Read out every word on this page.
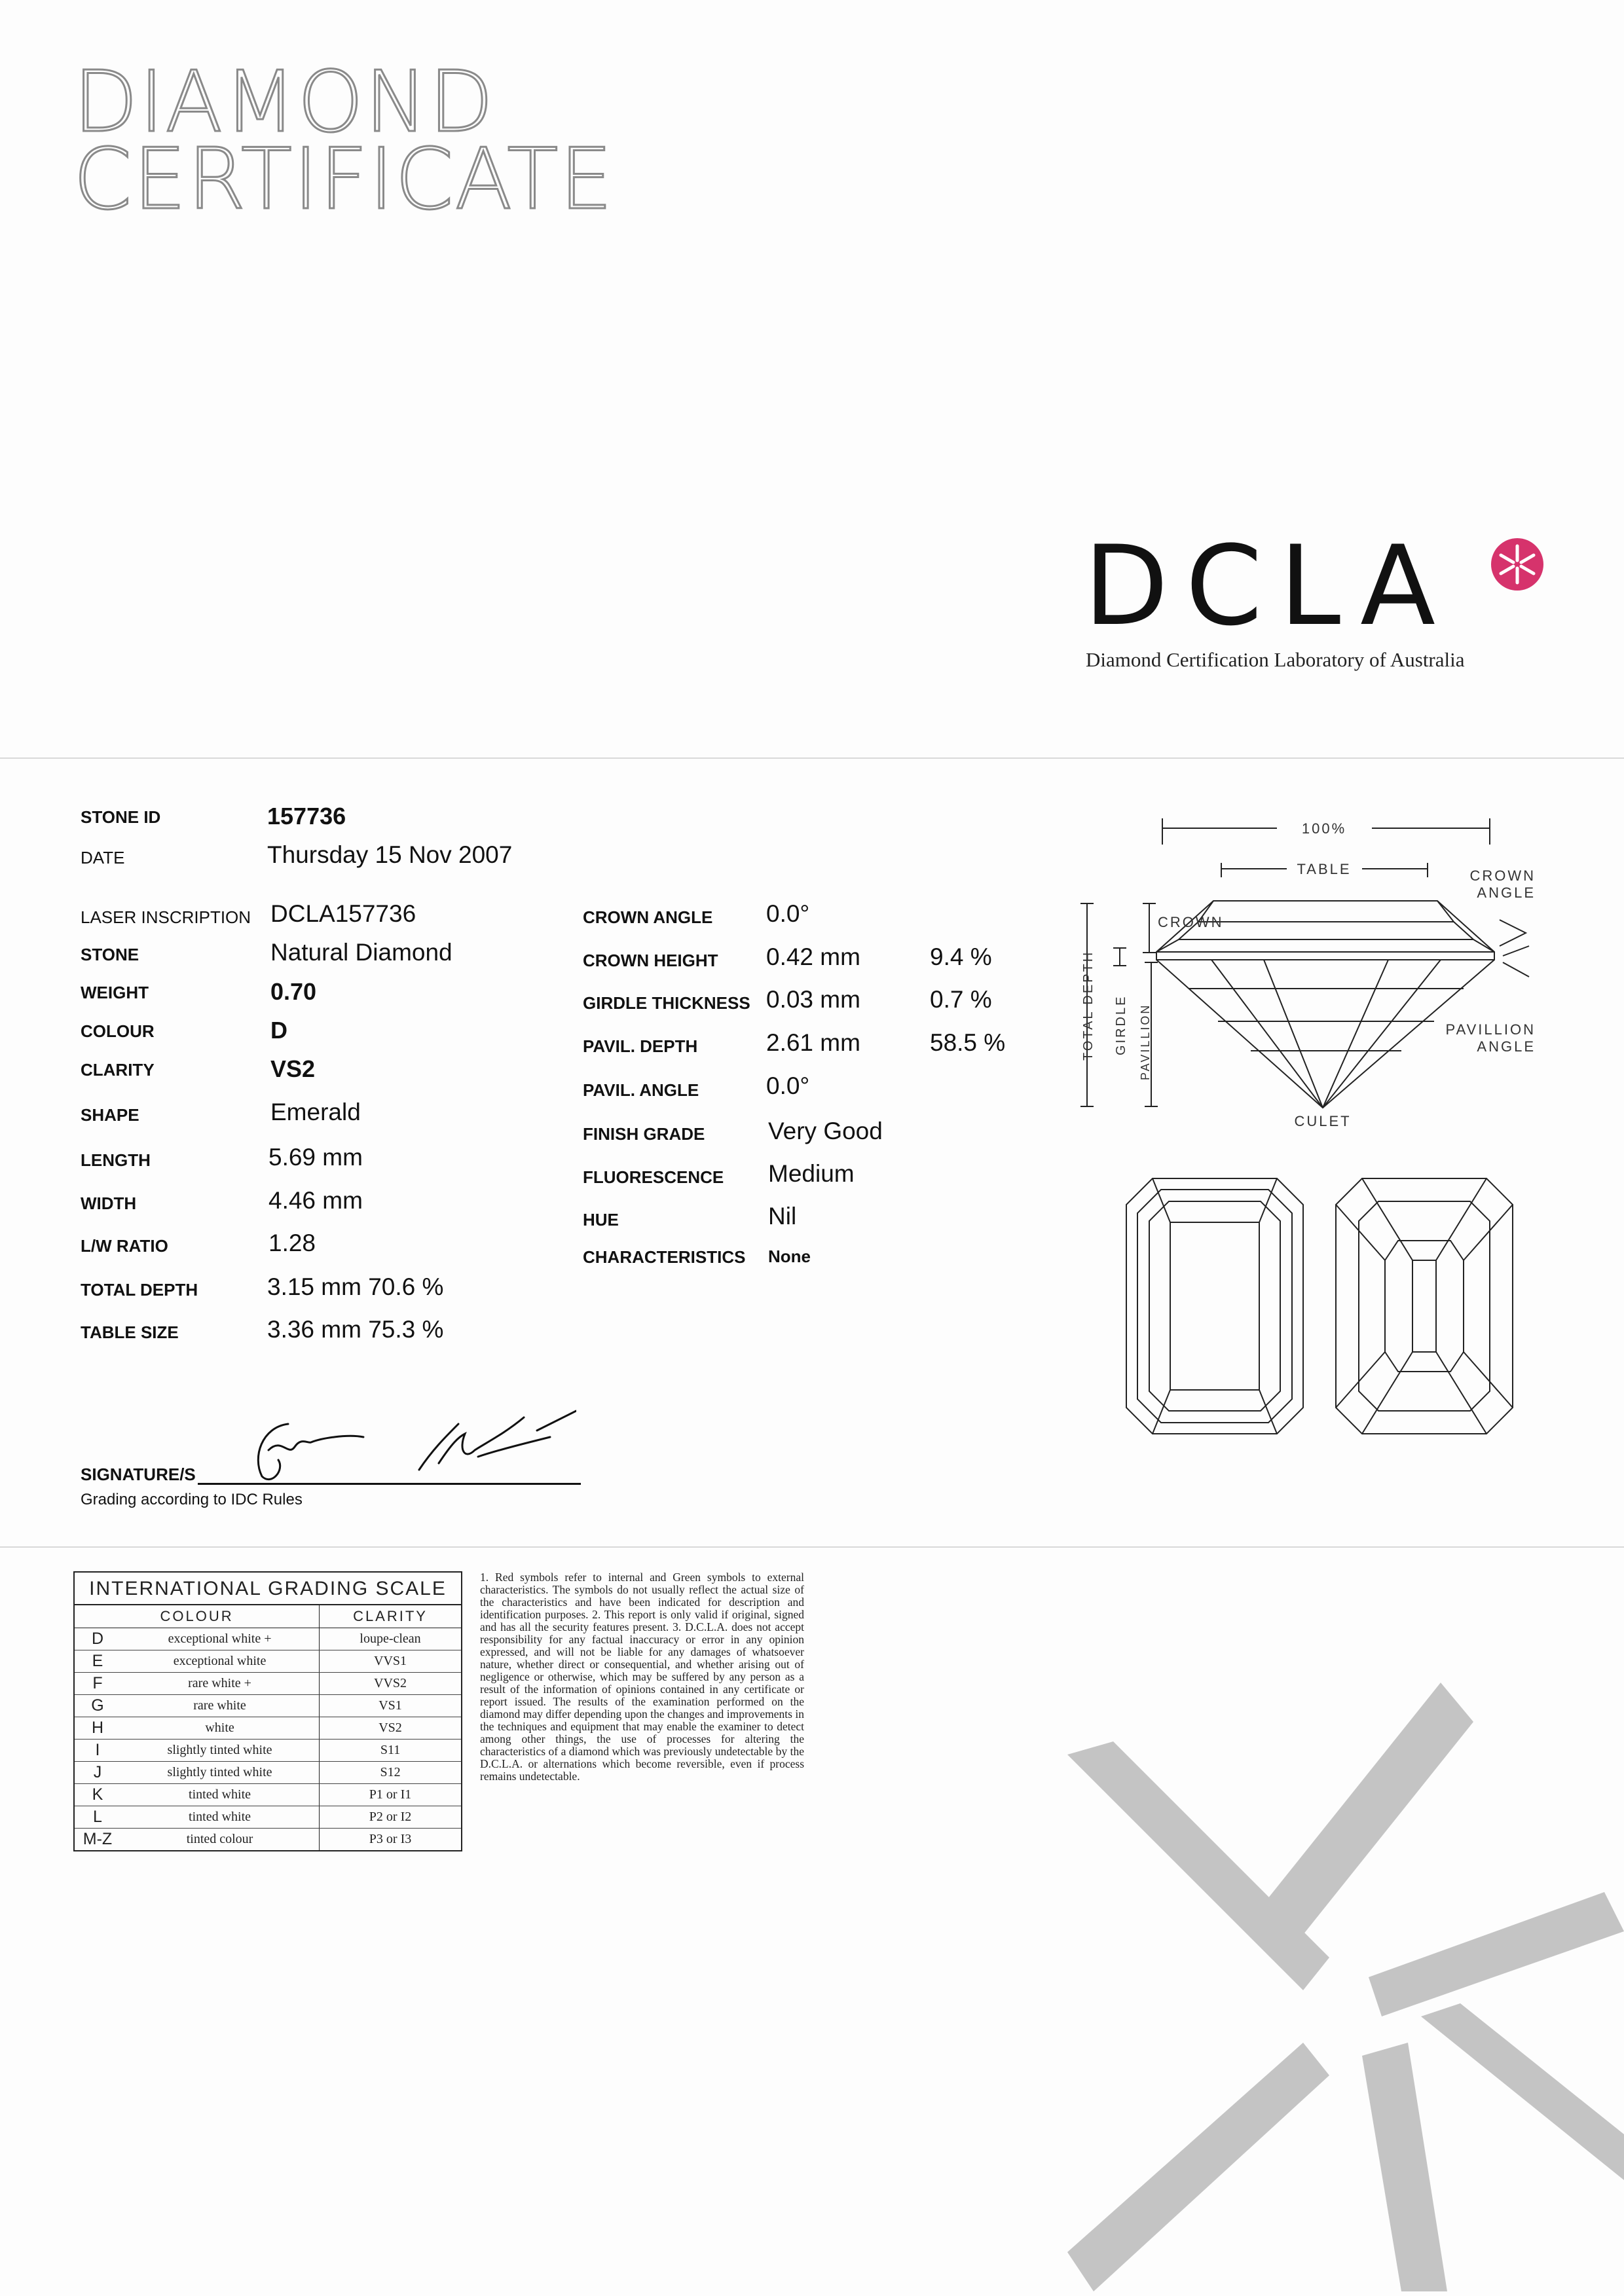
DIAMOND
CERTIFICATE
DCLA
Diamond Certification Laboratory of Australia
STONE ID	157736
DATE	Thursday 15 Nov 2007
LASER INSCRIPTION DCLA157736
STONE	Natural Diamond
WEIGHT	0.70
COLOUR	D
CLARITY	VS2
SHAPE	Emerald
LENGTH	5.69 mm
WIDTH	4.46 mm
L/W RATIO	1.28
TOTAL DEPTH	3.15 mm 70.6 %
TABLE SIZE	3.36 mm 75.3 %
CROWN ANGLE 0.0°
CROWN HEIGHT 0.42 mm	9.4 %
GIRDLE THICKNESS 0.03 mm	0.7 %
PAVIL. DEPTH	2.61 mm	58.5 %
PAVIL. ANGLE	0.0°
FINISH GRADE	Very Good
FLUORESCENCE Medium
HUE	Nil
CHARACTERISTICS None
100%
TABLE	CROWN ANGLE
CROWN
PAVILLION ANGLE
CULET
TOTAL DEPTH GIRDLE PAVILLION
SIGNATURE/S
Grading according to IDC Rules
INTERNATIONAL GRADING SCALE
COLOUR		CLARITY
D	exceptional white +	loupe-clean
E	exceptional white	VVS1
F	rare white +	VVS2
G	rare white	VS1
H	white	VS2
I	slightly tinted white	S11
J	slightly tinted white	S12
K	tinted white	P1 or I1
L	tinted white	P2 or I2
M-Z	tinted colour	P3 or I3
1. Red symbols refer to internal and Green symbols to external characteristics. The symbols do not usually reflect the actual size of the characteristics and have been indicated for description and identification purposes. 2. This report is only valid if original, signed and has all the security features present. 3. D.C.L.A. does not accept responsibility for any factual inaccuracy or error in any opinion expressed, and will not be liable for any damages of whatsoever nature, whether direct or consequential, and whether arising out of negligence or otherwise, which may be suffered by any person as a result of the information of opinions contained in any certificate or report issued. The results of the examination performed on the diamond may differ depending upon the changes and improvements in the techniques and equipment that may enable the examiner to detect among other things, the use of processes for altering the characteristics of a diamond which was previously undetectable by the D.C.L.A. or alternations which become reversible, even if process remains undetectable.
